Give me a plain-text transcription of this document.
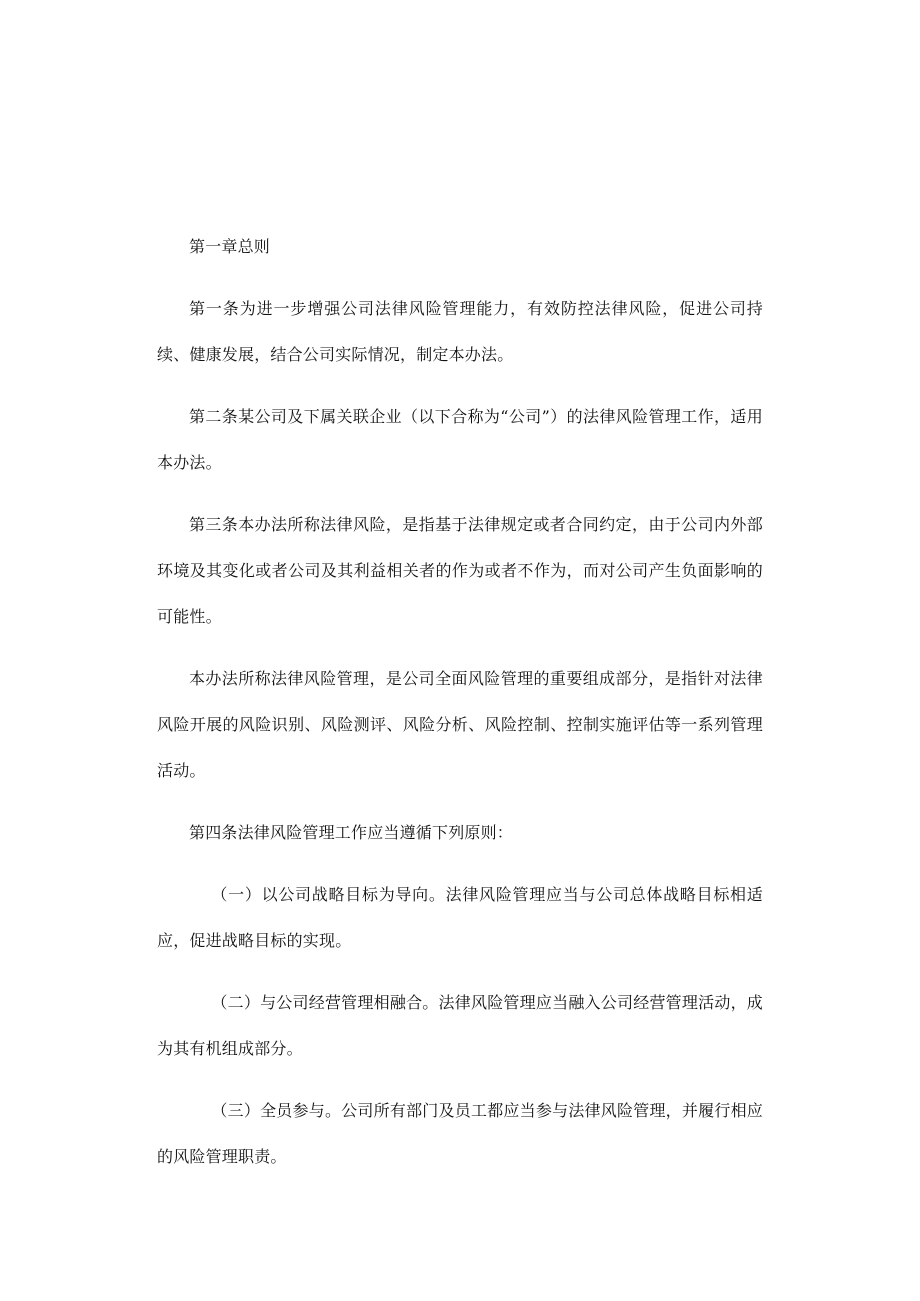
第一章总则

第一条为进一步增强公司法律风险管理能力，有效防控法律风险，促进公司持续、健康发展，结合公司实际情况，制定本办法。

第二条某公司及下属关联企业（以下合称为“公司”）的法律风险管理工作，适用本办法。

第三条本办法所称法律风险，是指基于法律规定或者合同约定，由于公司内外部环境及其变化或者公司及其利益相关者的作为或者不作为，而对公司产生负面影响的可能性。

本办法所称法律风险管理，是公司全面风险管理的重要组成部分，是指针对法律风险开展的风险识别、风险测评、风险分析、风险控制、控制实施评估等一系列管理活动。

第四条法律风险管理工作应当遵循下列原则：

（一）以公司战略目标为导向。法律风险管理应当与公司总体战略目标相适应，促进战略目标的实现。

（二）与公司经营管理相融合。法律风险管理应当融入公司经营管理活动，成为其有机组成部分。

（三）全员参与。公司所有部门及员工都应当参与法律风险管理，并履行相应的风险管理职责。
